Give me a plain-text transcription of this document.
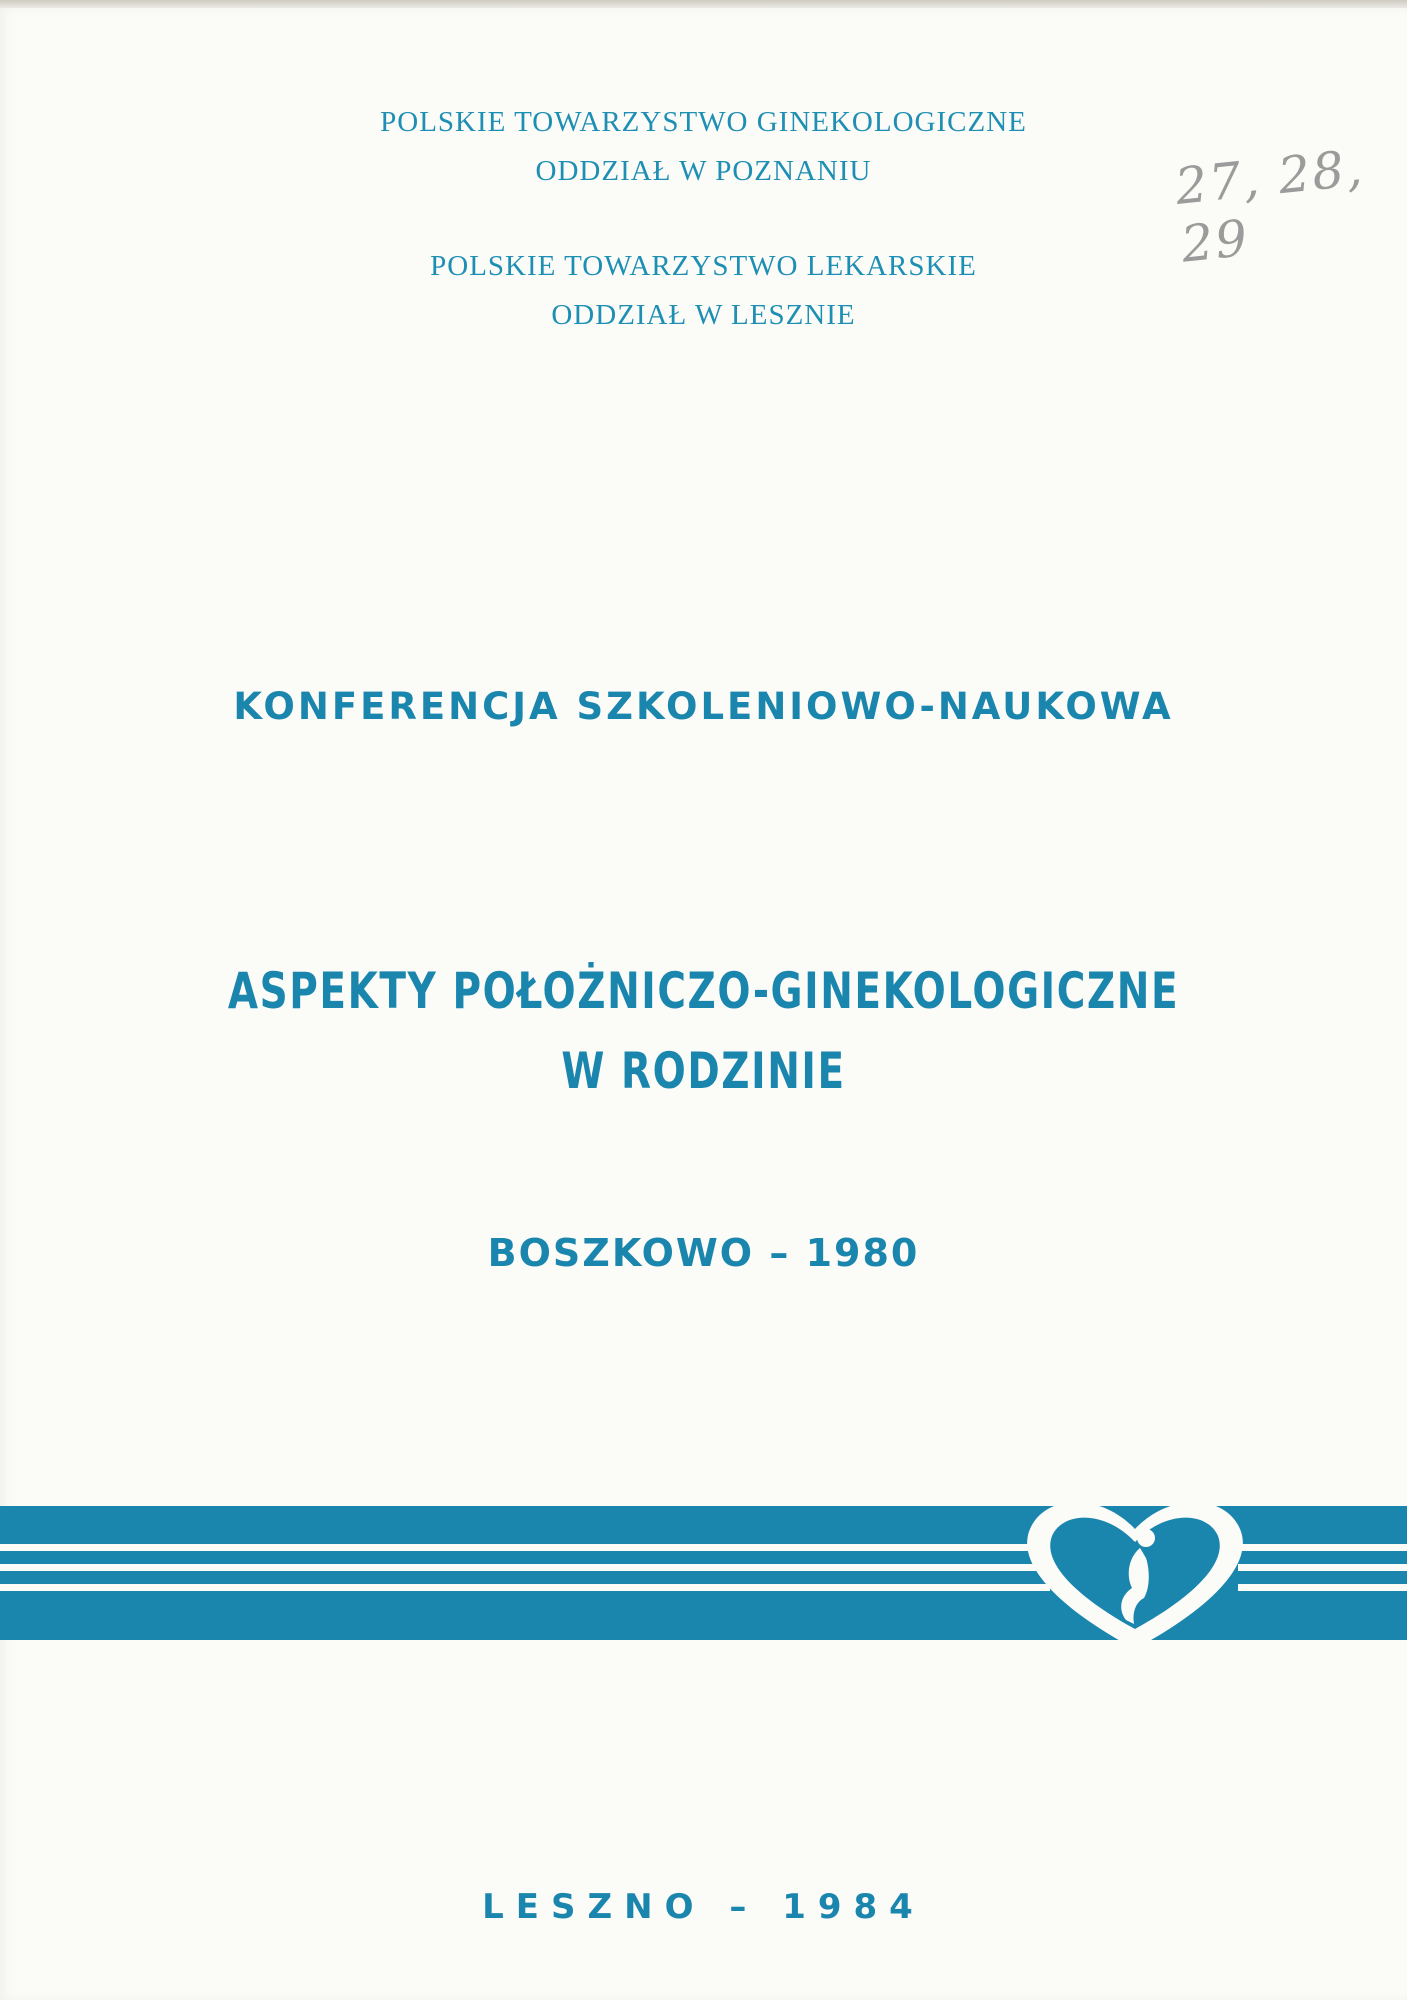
POLSKIE TOWARZYSTWO GINEKOLOGICZNE
ODDZIAŁ W POZNANIU
POLSKIE TOWARZYSTWO LEKARSKIE
ODDZIAŁ W LESZNIE
27, 28, 29
KONFERENCJA SZKOLENIOWO-NAUKOWA
ASPEKTY POŁOŻNICZO-GINEKOLOGICZNE
W RODZINIE
BOSZKOWO – 1980
LESZNO – 1984
